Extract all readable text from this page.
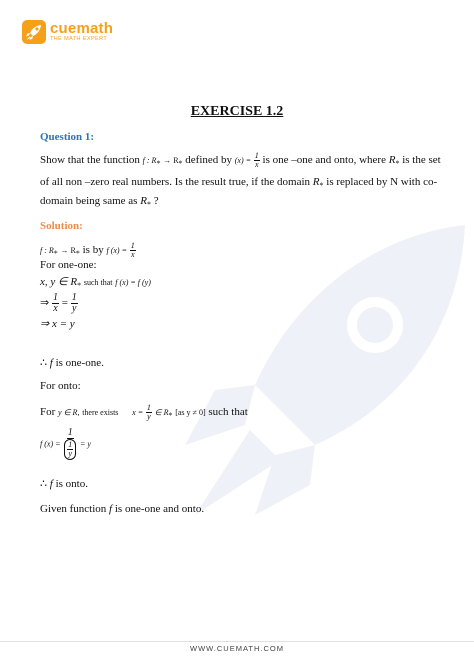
cuemath
THE MATH EXPERT
EXERCISE 1.2
Question 1:
Show that the function f : $R_* \to R_*$ defined by $(x) = \frac{1}{x}$ is one –one and onto, where $R_*$ is the set
of all non –zero real numbers. Is the result true, if the domain $R_*$ is replaced by N with co-
domain being same as $R_*$ ?
Solution:
f : $R_* \to R_*$ is by f $(x) = \frac{1}{x}$
For one-one:
x, y ∈ $R_*$ such that f (x) = f (y)
⇒ $\frac{1}{x} = \frac{1}{y}$
⇒ x = y
∴ f is one-one.
For onto:
For y ∈ R, there exists $x = \frac{1}{y}$ ∈ $R_*$ [as y ≠ 0] such that
f $(x) = \frac{1}{\frac{1}{y}} = y$
∴ f is onto.
Given function f is one-one and onto.
WWW.CUEMATH.COM
